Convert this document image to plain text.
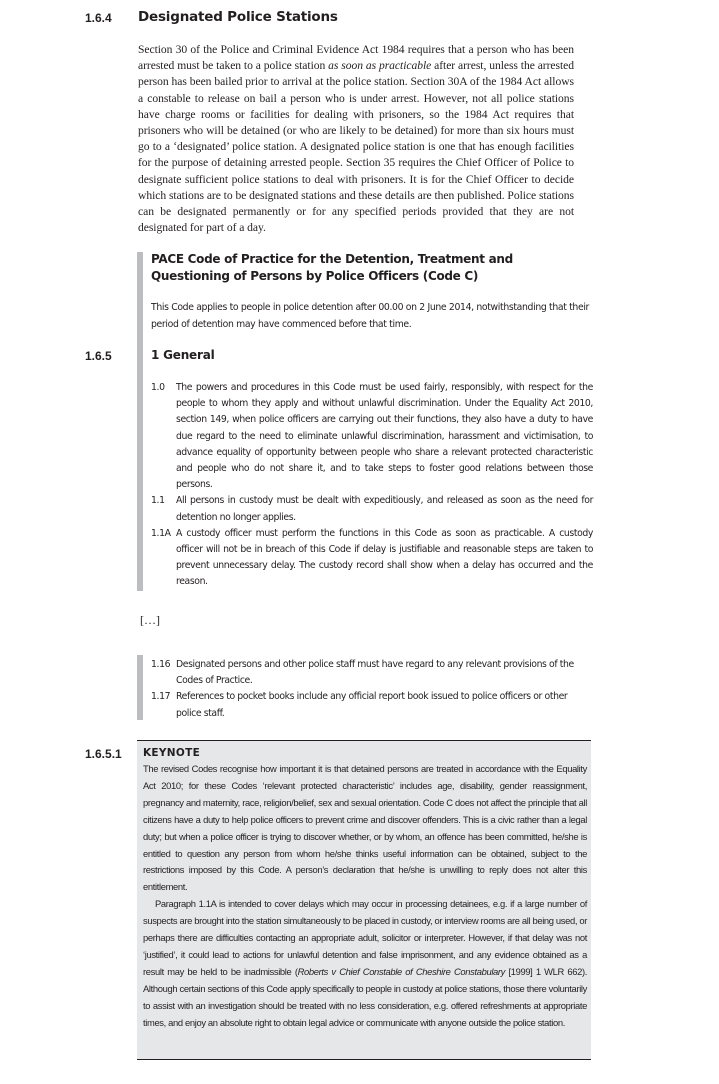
1.6.4 Designated Police Stations
Section 30 of the Police and Criminal Evidence Act 1984 requires that a person who has been arrested must be taken to a police station as soon as practicable after arrest, unless the arrested person has been bailed prior to arrival at the police station. Section 30A of the 1984 Act allows a constable to release on bail a person who is under arrest. However, not all police stations have charge rooms or facilities for dealing with prisoners, so the 1984 Act requires that prisoners who will be detained (or who are likely to be detained) for more than six hours must go to a ‘designated’ police station. A designated police station is one that has enough facilities for the purpose of detaining arrested people. Section 35 requires the Chief Officer of Police to designate sufficient police stations to deal with prisoners. It is for the Chief Officer to decide which stations are to be designated stations and these details are then published. Police stations can be designated permanently or for any specified periods provided that they are not designated for part of a day.
PACE Code of Practice for the Detention, Treatment and Questioning of Persons by Police Officers (Code C)
This Code applies to people in police detention after 00.00 on 2 June 2014, notwithstanding that their period of detention may have commenced before that time.
1.6.5	1 General
1.0	The powers and procedures in this Code must be used fairly, responsibly, with respect for the people to whom they apply and without unlawful discrimination. Under the Equality Act 2010, section 149, when police officers are carrying out their functions, they also have a duty to have due regard to the need to eliminate unlawful discrimination, harassment and victimisation, to advance equality of opportunity between people who share a relevant protected characteristic and people who do not share it, and to take steps to foster good relations between those persons.
1.1	All persons in custody must be dealt with expeditiously, and released as soon as the need for detention no longer applies.
1.1A A custody officer must perform the functions in this Code as soon as practicable. A custody officer will not be in breach of this Code if delay is justifiable and reasonable steps are taken to prevent unnecessary delay. The custody record shall show when a delay has occurred and the reason.
[…]
1.16 Designated persons and other police staff must have regard to any relevant provisions of the Codes of Practice.
1.17 References to pocket books include any official report book issued to police officers or other police staff.
1.6.5.1 KEYNOTE

The revised Codes recognise how important it is that detained persons are treated in accordance with the Equality Act 2010; for these Codes ‘relevant protected characteristic’ includes age, disability, gender reassignment, pregnancy and maternity, race, religion/belief, sex and sexual orientation. Code C does not affect the principle that all citizens have a duty to help police officers to prevent crime and discover offenders. This is a civic rather than a legal duty; but when a police officer is trying to discover whether, or by whom, an offence has been committed, he/she is entitled to question any person from whom he/she thinks useful information can be obtained, subject to the restrictions imposed by this Code. A person’s declaration that he/she is unwilling to reply does not alter this entitlement.

Paragraph 1.1A is intended to cover delays which may occur in processing detainees, e.g. if a large number of suspects are brought into the station simultaneously to be placed in custody, or interview rooms are all being used, or perhaps there are difficulties contacting an appropriate adult, solicitor or interpreter. However, if that delay was not ‘justified’, it could lead to actions for unlawful detention and false imprisonment, and any evidence obtained as a result may be held to be inadmissible (Roberts v Chief Constable of Cheshire Constabulary [1999] 1 WLR 662). Although certain sections of this Code apply specifically to people in custody at police stations, those there voluntarily to assist with an investigation should be treated with no less consideration, e.g. offered refreshments at appropriate times, and enjoy an absolute right to obtain legal advice or communicate with anyone outside the police station.
